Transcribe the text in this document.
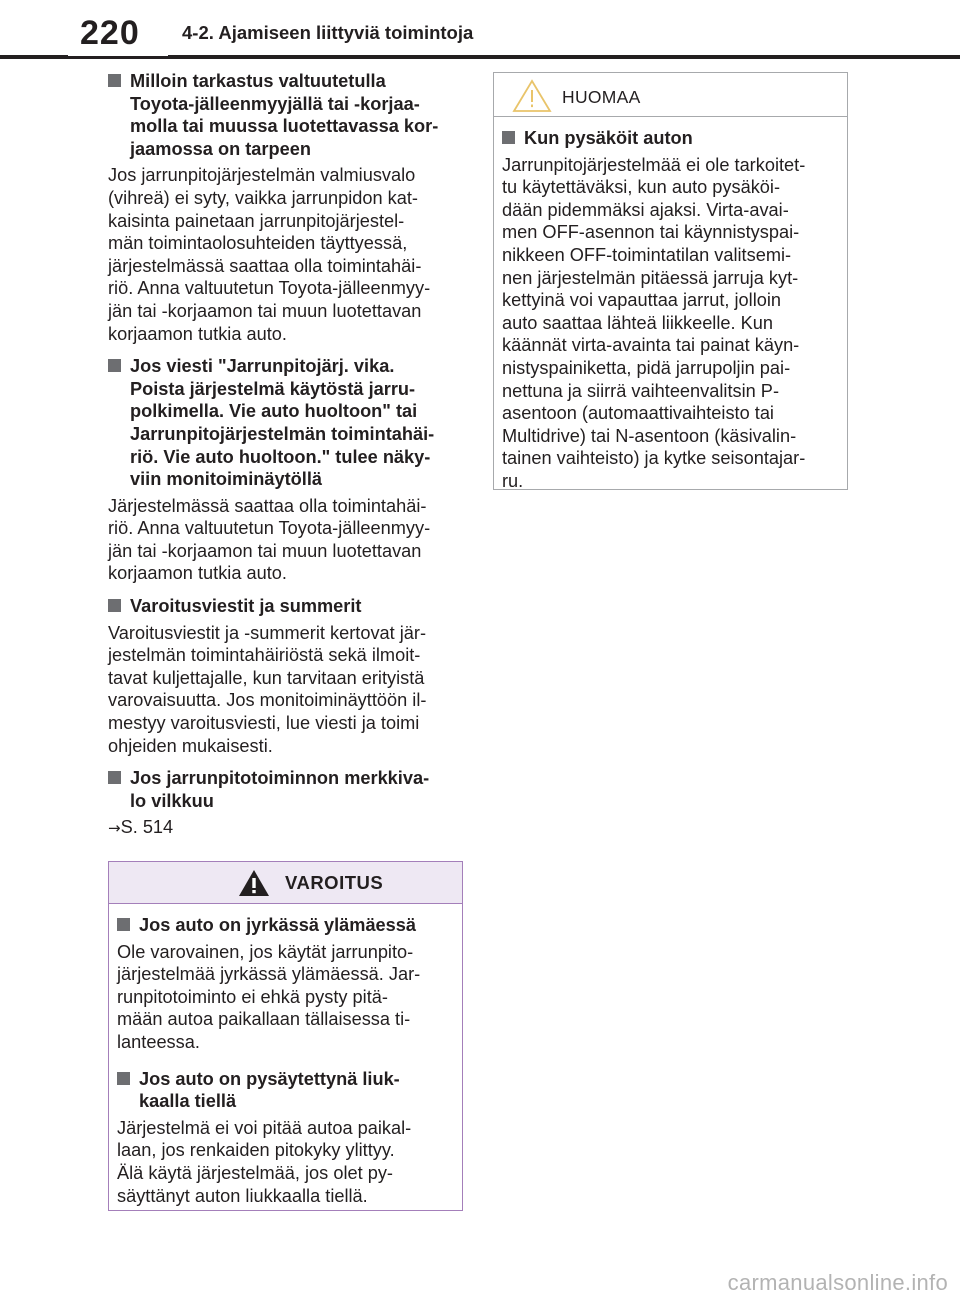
220 4-2. Ajamiseen liittyviä toimintoja
Milloin tarkastus valtuutetulla
Toyota-jälleenmyyjällä tai -korjaa-
molla tai muussa luotettavassa kor-
jaamossa on tarpeen
Jos jarrunpitojärjestelmän valmiusvalo
(vihreä) ei syty, vaikka jarrunpidon kat-
kaisinta painetaan jarrunpitojärjestel-
män toimintaolosuhteiden täyttyessä,
järjestelmässä saattaa olla toimintahäi-
riö. Anna valtuutetun Toyota-jälleenmyy-
jän tai -korjaamon tai muun luotettavan
korjaamon tutkia auto.
Jos viesti "Jarrunpitojärj. vika.
Poista järjestelmä käytöstä jarru-
polkimella. Vie auto huoltoon" tai
Jarrunpitojärjestelmän toimintahäi-
riö. Vie auto huoltoon." tulee näky-
viin monitoiminäytöllä
Järjestelmässä saattaa olla toimintahäi-
riö. Anna valtuutetun Toyota-jälleenmyy-
jän tai -korjaamon tai muun luotettavan
korjaamon tutkia auto.
Varoitusviestit ja summerit
Varoitusviestit ja -summerit kertovat jär-
jestelmän toimintahäiriöstä sekä ilmoit-
tavat kuljettajalle, kun tarvitaan erityistä
varovaisuutta. Jos monitoiminäyttöön il-
mestyy varoitusviesti, lue viesti ja toimi
ohjeiden mukaisesti.
Jos jarrunpitotoiminnon merkkiva-
lo vilkkuu
→S. 514
VAROITUS
Jos auto on jyrkässä ylämäessä
Ole varovainen, jos käytät jarrunpito-
järjestelmää jyrkässä ylämäessä. Jar-
runpitotoiminto ei ehkä pysty pitä-
mään autoa paikallaan tällaisessa ti-
lanteessa.
Jos auto on pysäytettynä liuk-
kaalla tiellä
Järjestelmä ei voi pitää autoa paikal-
laan, jos renkaiden pitokyky ylittyy.
Älä käytä järjestelmää, jos olet py-
säyttänyt auton liukkaalla tiellä.
HUOMAA
Kun pysäköit auton
Jarrunpitojärjestelmää ei ole tarkoitet-
tu käytettäväksi, kun auto pysäköi-
dään pidemmäksi ajaksi. Virta-avai-
men OFF-asennon tai käynnistyspai-
nikkeen OFF-toimintatilan valitsemi-
nen järjestelmän pitäessä jarruja kyt-
kettyinä voi vapauttaa jarrut, jolloin
auto saattaa lähteä liikkeelle. Kun
käännät virta-avainta tai painat käyn-
nistyspainiketta, pidä jarrupoljin pai-
nettuna ja siirrä vaihteenvalitsin P-
asentoon (automaattivaihteisto tai
Multidrive) tai N-asentoon (käsivalin-
tainen vaihteisto) ja kytke seisontajar-
ru.
carmanualsonline.info
